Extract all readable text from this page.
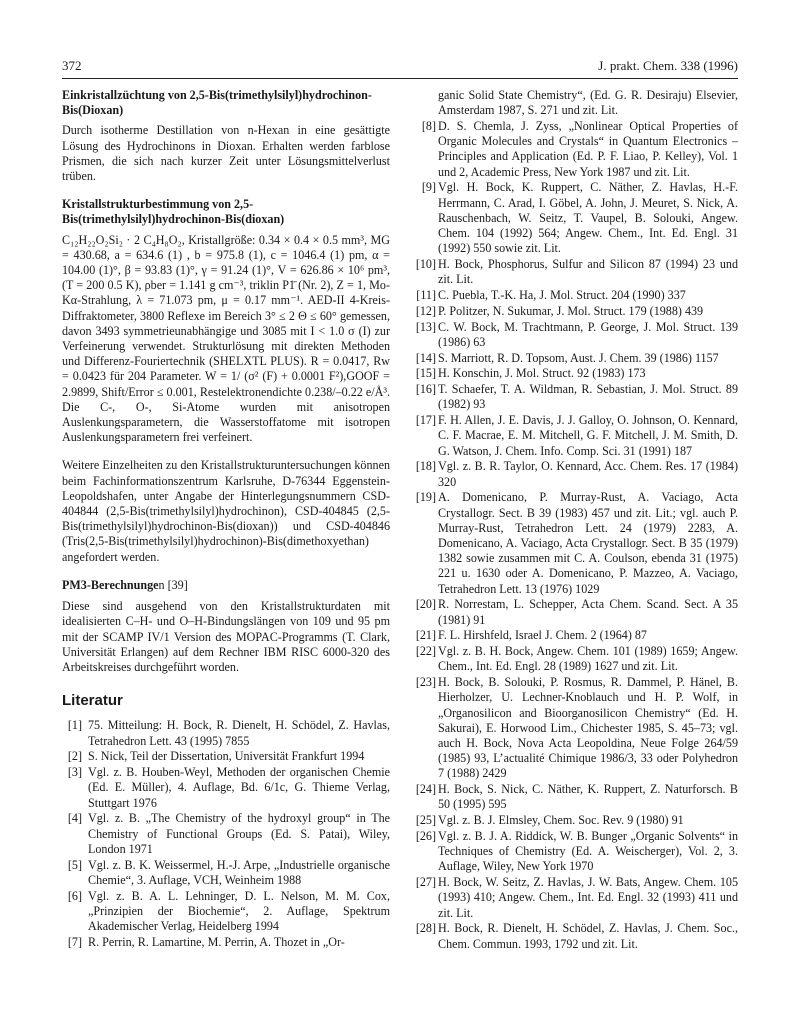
372	J. prakt. Chem. 338 (1996)

Einkristallzüchtung von 2,5-Bis(trimethylsilyl)hydrochinon-Bis(Dioxan)

Durch isotherme Destillation von n-Hexan in eine gesättigte Lösung des Hydrochinons in Dioxan. Erhalten werden farblose Prismen, die sich nach kurzer Zeit unter Lösungsmittelverlust trüben.

Kristallstrukturbestimmung von 2,5-Bis(trimethylsilyl)hydrochinon-Bis(dioxan)

C₁₂H₂₂O₂Si₂ · 2 C₄H₈O₂, Kristallgröße: 0.34 × 0.4 × 0.5 mm³, MG = 430.68, a = 634.6 (1) , b = 975.8 (1), c = 1046.4 (1) pm, α = 104.00 (1)°, β = 93.83 (1)°, γ = 91.24 (1)°, V = 626.86 × 10⁶ pm³, (T = 200 0.5 K), ρber = 1.141 g cm⁻³, triklin P1̄ (Nr. 2), Z = 1, Mo-Kα-Strahlung, λ = 71.073 pm, μ = 0.17 mm⁻¹. AED-II 4-Kreis-Diffraktometer, 3800 Reflexe im Bereich 3° ≤ 2 Θ ≤ 60° gemessen, davon 3493 symmetrieunabhängige und 3085 mit I < 1.0 σ (I) zur Verfeinerung verwendet. Strukturlösung mit direkten Methoden und Differenz-Fouriertechnik (SHELXTL PLUS). R = 0.0417, Rw = 0.0423 für 204 Parameter. W = 1/ (σ² (F) + 0.0001 F²),GOOF = 2.9899, Shift/Error ≤ 0.001, Restelektronendichte 0.238/–0.22 e/Å³. Die C-, O-, Si-Atome wurden mit anisotropen Auslenkungsparametern, die Wasserstoffatome mit isotropen Auslenkungsparametern frei verfeinert.

Weitere Einzelheiten zu den Kristallstrukturuntersuchungen können beim Fachinformationszentrum Karlsruhe, D-76344 Eggenstein-Leopoldshafen, unter Angabe der Hinterlegungsnummern CSD-404844 (2,5-Bis(trimethylsilyl)hydrochinon), CSD-404845 (2,5-Bis(trimethylsilyl)hydrochinon-Bis(dioxan)) und CSD-404846 (Tris(2,5-Bis(trimethylsilyl)hydrochinon)-Bis(dimethoxyethan) angefordert werden.

PM3-Berechnungen [39]

Diese sind ausgehend von den Kristallstrukturdaten mit idealisierten C–H- und O–H-Bindungslängen von 109 und 95 pm mit der SCAMP IV/1 Version des MOPAC-Programms (T. Clark, Universität Erlangen) auf dem Rechner IBM RISC 6000-320 des Arbeitskreises durchgeführt worden.

Literatur

[1] 75. Mitteilung: H. Bock, R. Dienelt, H. Schödel, Z. Havlas, Tetrahedron Lett. 43 (1995) 7855
[2] S. Nick, Teil der Dissertation, Universität Frankfurt 1994
[3] Vgl. z. B. Houben-Weyl, Methoden der organischen Chemie (Ed. E. Müller), 4. Auflage, Bd. 6/1c, G. Thieme Verlag, Stuttgart 1976
[4] Vgl. z. B. „The Chemistry of the hydroxyl group“ in The Chemistry of Functional Groups (Ed. S. Patai), Wiley, London 1971
[5] Vgl. z. B. K. Weissermel, H.-J. Arpe, „Industrielle organische Chemie“, 3. Auflage, VCH, Weinheim 1988
[6] Vgl. z. B. A. L. Lehninger, D. L. Nelson, M. M. Cox, „Prinzipien der Biochemie“, 2. Auflage, Spektrum Akademischer Verlag, Heidelberg 1994
[7] R. Perrin, R. Lamartine, M. Perrin, A. Thozet in „Or-
ganic Solid State Chemistry“, (Ed. G. R. Desiraju) Elsevier, Amsterdam 1987, S. 271 und zit. Lit.
[8] D. S. Chemla, J. Zyss, „Nonlinear Optical Properties of Organic Molecules and Crystals“ in Quantum Electronics – Principles and Application (Ed. P. F. Liao, P. Kelley), Vol. 1 und 2, Academic Press, New York 1987 und zit. Lit.
[9] Vgl. H. Bock, K. Ruppert, C. Näther, Z. Havlas, H.-F. Herrmann, C. Arad, I. Göbel, A. John, J. Meuret, S. Nick, A. Rauschenbach, W. Seitz, T. Vaupel, B. Solouki, Angew. Chem. 104 (1992) 564; Angew. Chem., Int. Ed. Engl. 31 (1992) 550 sowie zit. Lit.
[10] H. Bock, Phosphorus, Sulfur and Silicon 87 (1994) 23 und zit. Lit.
[11] C. Puebla, T.-K. Ha, J. Mol. Struct. 204 (1990) 337
[12] P. Politzer, N. Sukumar, J. Mol. Struct. 179 (1988) 439
[13] C. W. Bock, M. Trachtmann, P. George, J. Mol. Struct. 139 (1986) 63
[14] S. Marriott, R. D. Topsom, Aust. J. Chem. 39 (1986) 1157
[15] H. Konschin, J. Mol. Struct. 92 (1983) 173
[16] T. Schaefer, T. A. Wildman, R. Sebastian, J. Mol. Struct. 89 (1982) 93
[17] F. H. Allen, J. E. Davis, J. J. Galloy, O. Johnson, O. Kennard, C. F. Macrae, E. M. Mitchell, G. F. Mitchell, J. M. Smith, D. G. Watson, J. Chem. Info. Comp. Sci. 31 (1991) 187
[18] Vgl. z. B. R. Taylor, O. Kennard, Acc. Chem. Res. 17 (1984) 320
[19] A. Domenicano, P. Murray-Rust, A. Vaciago, Acta Crystallogr. Sect. B 39 (1983) 457 und zit. Lit.; vgl. auch P. Murray-Rust, Tetrahedron Lett. 24 (1979) 2283, A. Domenicano, A. Vaciago, Acta Crystallogr. Sect. B 35 (1979) 1382 sowie zusammen mit C. A. Coulson, ebenda 31 (1975) 221 u. 1630 oder A. Domenicano, P. Mazzeo, A. Vaciago, Tetrahedron Lett. 13 (1976) 1029
[20] R. Norrestam, L. Schepper, Acta Chem. Scand. Sect. A 35 (1981) 91
[21] F. L. Hirshfeld, Israel J. Chem. 2 (1964) 87
[22] Vgl. z. B. H. Bock, Angew. Chem. 101 (1989) 1659; Angew. Chem., Int. Ed. Engl. 28 (1989) 1627 und zit. Lit.
[23] H. Bock, B. Solouki, P. Rosmus, R. Dammel, P. Hänel, B. Hierholzer, U. Lechner-Knoblauch und H. P. Wolf, in „Organosilicon and Bioorganosilicon Chemistry“ (Ed. H. Sakurai), E. Horwood Lim., Chichester 1985, S. 45–73; vgl. auch H. Bock, Nova Acta Leopoldina, Neue Folge 264/59 (1985) 93, L’actualité Chimique 1986/3, 33 oder Polyhedron 7 (1988) 2429
[24] H. Bock, S. Nick, C. Näther, K. Ruppert, Z. Naturforsch. B 50 (1995) 595
[25] Vgl. z. B. J. Elmsley, Chem. Soc. Rev. 9 (1980) 91
[26] Vgl. z. B. J. A. Riddick, W. B. Bunger „Organic Solvents“ in Techniques of Chemistry (Ed. A. Weischerger), Vol. 2, 3. Auflage, Wiley, New York 1970
[27] H. Bock, W. Seitz, Z. Havlas, J. W. Bats, Angew. Chem. 105 (1993) 410; Angew. Chem., Int. Ed. Engl. 32 (1993) 411 und zit. Lit.
[28] H. Bock, R. Dienelt, H. Schödel, Z. Havlas, J. Chem. Soc., Chem. Commun. 1993, 1792 und zit. Lit.
